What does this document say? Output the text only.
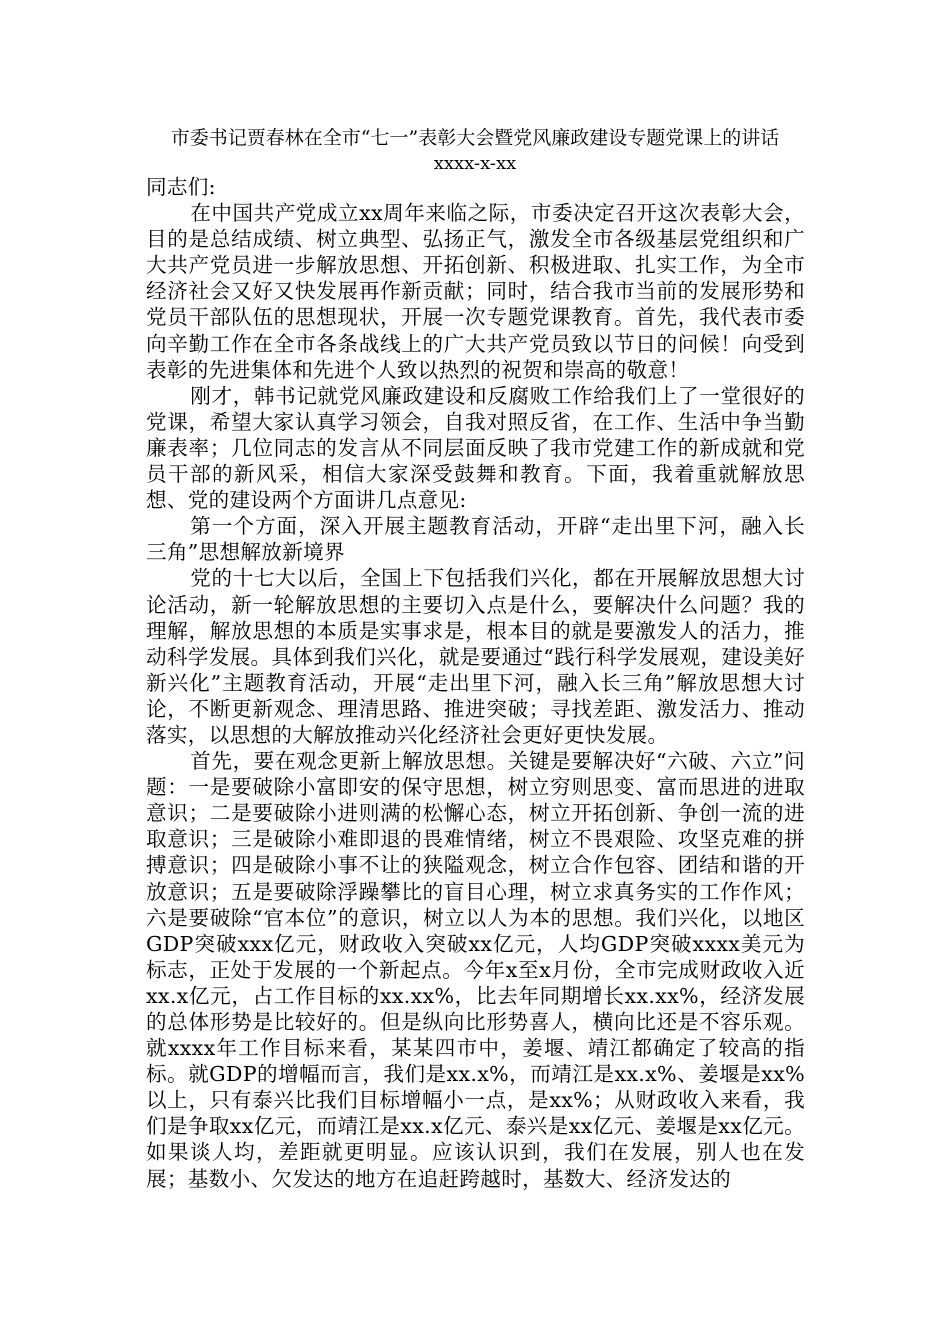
市委书记贾春林在全市“七一”表彰大会暨党风廉政建设专题党课上的讲话
xxxx-x-xx

同志们:

在中国共产党成立xx周年来临之际，市委决定召开这次表彰大会，目的是总结成绩、树立典型、弘扬正气，激发全市各级基层党组织和广大共产党员进一步解放思想、开拓创新、积极进取、扎实工作，为全市经济社会又好又快发展再作新贡献；同时，结合我市当前的发展形势和党员干部队伍的思想现状，开展一次专题党课教育。首先，我代表市委向辛勤工作在全市各条战线上的广大共产党员致以节日的问候！向受到表彰的先进集体和先进个人致以热烈的祝贺和崇高的敬意！

刚才，韩书记就党风廉政建设和反腐败工作给我们上了一堂很好的党课，希望大家认真学习领会，自我对照反省，在工作、生活中争当勤廉表率；几位同志的发言从不同层面反映了我市党建工作的新成就和党员干部的新风采，相信大家深受鼓舞和教育。下面，我着重就解放思想、党的建设两个方面讲几点意见:

第一个方面，深入开展主题教育活动，开辟“走出里下河，融入长三角”思想解放新境界

党的十七大以后，全国上下包括我们兴化，都在开展解放思想大讨论活动，新一轮解放思想的主要切入点是什么，要解决什么问题？我的理解，解放思想的本质是实事求是，根本目的就是要激发人的活力，推动科学发展。具体到我们兴化，就是要通过“践行科学发展观，建设美好新兴化”主题教育活动，开展“走出里下河，融入长三角”解放思想大讨论，不断更新观念、理清思路、推进突破；寻找差距、激发活力、推动落实，以思想的大解放推动兴化经济社会更好更快发展。

首先，要在观念更新上解放思想。关键是要解决好“六破、六立”问题：一是要破除小富即安的保守思想，树立穷则思变、富而思进的进取意识；二是要破除小进则满的松懈心态，树立开拓创新、争创一流的进取意识；三是破除小难即退的畏难情绪，树立不畏艰险、攻坚克难的拼搏意识；四是破除小事不让的狭隘观念，树立合作包容、团结和谐的开放意识；五是要破除浮躁攀比的盲目心理，树立求真务实的工作作风；六是要破除“官本位”的意识，树立以人为本的思想。我们兴化，以地区GDP突破xxx亿元，财政收入突破xx亿元，人均GDP突破xxxx美元为标志，正处于发展的一个新起点。今年x至x月份，全市完成财政收入近xx.x亿元，占工作目标的xx.xx%，比去年同期增长xx.xx%，经济发展的总体形势是比较好的。但是纵向比形势喜人，横向比还是不容乐观。就xxxx年工作目标来看，某某四市中，姜堰、靖江都确定了较高的指标。就GDP的增幅而言，我们是xx.x%，而靖江是xx.x%、姜堰是xx%以上，只有泰兴比我们目标增幅小一点，是xx%；从财政收入来看，我们是争取xx亿元，而靖江是xx.x亿元、泰兴是xx亿元、姜堰是xx亿元。如果谈人均，差距就更明显。应该认识到，我们在发展，别人也在发展；基数小、欠发达的地方在追赶跨越时，基数大、经济发达的
